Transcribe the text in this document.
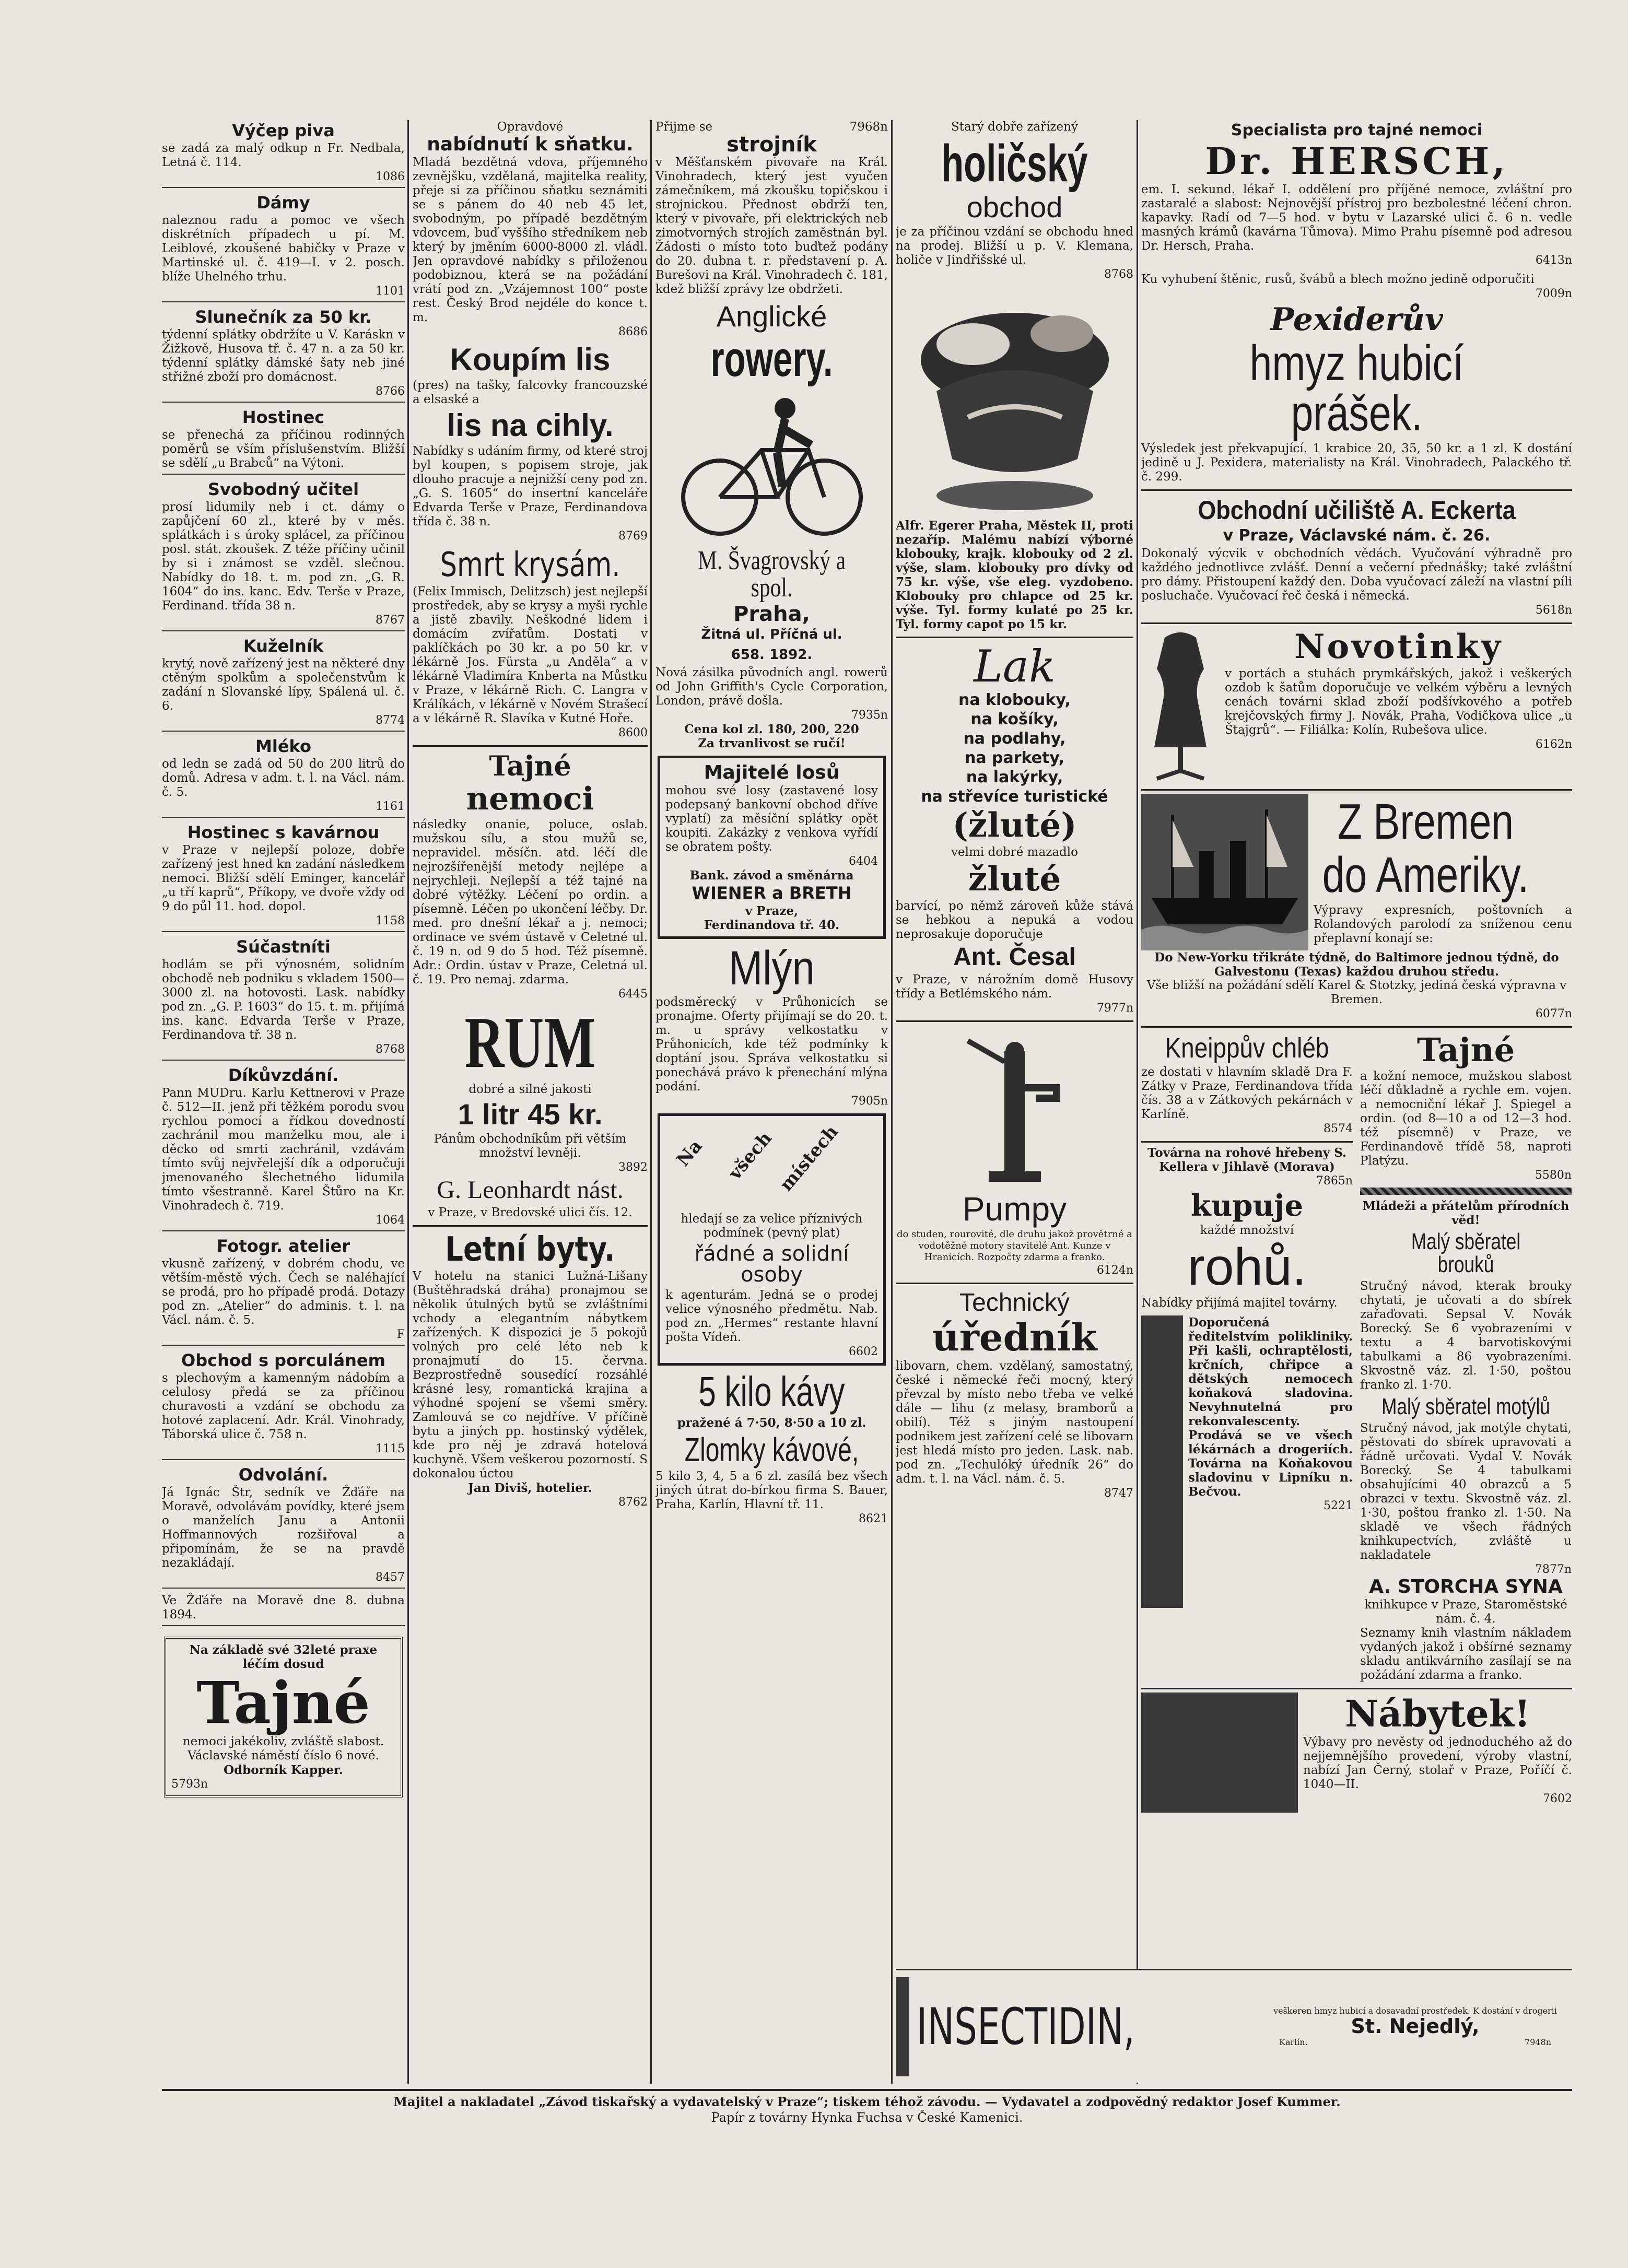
Výčep piva
se zadá za malý odkup n Fr. Nedbala, Letná č. 114.
1086
Dámy
naleznou radu a pomoc ve všech diskrétních případech u pí. M. Leiblové, zkoušené babičky v Praze v Martinské ul. č. 419—I. v 2. posch. blíže Uhelného trhu.
1101
Slunečník za 50 kr.
týdenní splátky obdržíte u V. Karáskn v Žižkově, Husova tř. č. 47 n. a za 50 kr. týdenní splátky dámské šaty neb jiné střižné zboží pro domácnost.
8766
Hostinec
se přenechá za příčinou rodinných poměrů se vším příslušenstvím. Bližší se sdělí „u Brabců“ na Výtoni.
Svobodný učitel
prosí lidumily neb i ct. dámy o zapůjčení 60 zl., které by v měs. splátkách i s úroky splácel, za příčinou posl. stát. zkoušek. Z téže příčiny učinil by si i známost se vzděl. slečnou. Nabídky do 18. t. m. pod zn. „G. R. 1604“ do ins. kanc. Edv. Terše v Praze, Ferdinand. třída 38 n.
8767
Kuželník
krytý, nově zařízený jest na některé dny ctěným spolkům a společenstvům k zadání n Slovanské lípy, Spálená ul. č. 6.
8774
Mléko
od ledn se zadá od 50 do 200 litrů do domů. Adresa v adm. t. l. na Václ. nám. č. 5.
1161
Hostinec s kavárnou
v Praze v nejlepší poloze, dobře zařízený jest hned kn zadání následkem nemoci. Bližší sdělí Eminger, kancelář „u tří kaprů“, Příkopy, ve dvoře vždy od 9 do půl 11. hod. dopol.
1158
Súčastníti
hodlám se při výnosném, solidním obchodě neb podniku s vkladem 1500—3000 zl. na hotovosti. Lask. nabídky pod zn. „G. P. 1603“ do 15. t. m. přijímá ins. kanc. Edvarda Terše v Praze, Ferdinandova tř. 38 n.
8768
Díkůvzdání.
Pann MUDru. Karlu Kettnerovi v Praze č. 512—II. jenž při těžkém porodu svou rychlou pomocí a řídkou dovedností zachránil mou manželku mou, ale i děcko od smrti zachránil, vzdávám tímto svůj nejvřelejší dík a odporučuji jmenovaného šlechetného lidumila tímto všestranně. Karel Štůro na Kr. Vinohradech č. 719.
1064
Fotogr. atelier
vkusně zařízený, v dobrém chodu, ve větším-městě vých. Čech se naléhající se prodá, pro ho případě prodá. Dotazy pod zn. „Atelier“ do adminis. t. l. na Václ. nám. č. 5.
F
Obchod s porculánem
s plechovým a kamenným nádobím a celulosy předá se za příčinou churavosti a vzdání se obchodu za hotové zaplacení. Adr. Král. Vinohrady, Táborská ulice č. 758 n.
1115
Odvolání.
Já Ignác Štr, sedník ve Žďáře na Moravě, odvolávám povídky, které jsem o manželích Janu a Antonii Hoffmannových rozšiřoval a připomínám, že se na pravdě nezakládají.
8457
Ve Žďáře na Moravě dne 8. dubna 1894.
Na základě své 32leté praxe léčím dosud
Tajné
nemoci jakékoliv, zvláště slabost. Václavské náměstí číslo 6 nové.
Odborník Kapper.
5793n
Opravdové
nabídnutí k sňatku.
Mladá bezdětná vdova, příjemného zevnějšku, vzdělaná, majitelka reality, přeje si za příčinou sňatku seznámiti se s pánem do 40 neb 45 let, svobodným, po případě bezdětným vdovcem, buď vyššího středníkem neb který by jměním 6000-8000 zl. vládl. Jen opravdové nabídky s přiloženou podobiznou, která se na požádání vrátí pod zn. „Vzájemnost 100“ poste rest. Český Brod nejdéle do konce t. m.
8686
Koupím lis
(pres) na tašky, falcovky francouzské a elsaské a
lis na cihly.
Nabídky s udáním firmy, od které stroj byl koupen, s popisem stroje, jak dlouho pracuje a nejnižší ceny pod zn. „G. S. 1605“ do insertní kanceláře Edvarda Terše v Praze, Ferdinandova třída č. 38 n.
8769
Smrt krysám.
(Felix Immisch, Delitzsch) jest nejlepší prostředek, aby se krysy a myši rychle a jistě zbavily. Neškodné lidem i domácím zvířatům. Dostati v paklíčkách po 30 kr. a po 50 kr. v lékárně Jos. Fürsta „u Anděla“ a v lékárně Vladimíra Knberta na Můstku v Praze, v lékárně Rich. C. Langra v Králíkách, v lékárně v Novém Strašecí a v lékárně R. Slavíka v Kutné Hoře.
8600
Tajné
nemoci
následky onanie, poluce, oslab. mužskou sílu, a stou mužů se, nepravidel. měsíčn. atd. léčí dle nejrozšířenější metody nejlépe a nejrychleji. Nejlepší a též tajné na dobré výtěžky. Léčení po ordin. a písemně. Léčen po ukončení léčby. Dr. med. pro dnešní lékař a j. nemoci; ordinace ve svém ústavě v Celetné ul. č. 19 n. od 9 do 5 hod. Též písemně. Adr.: Ordin. ústav v Praze, Celetná ul. č. 19. Pro nemaj. zdarma.
6445
RUM
dobré a silné jakosti
1 litr 45 kr.
Pánům obchodníkům při větším množství levněji.
3892
G. Leonhardt nást.
v Praze, v Bredovské ulici čís. 12.
Letní byty.
V hotelu na stanici Lužná-Lišany (Buštěhradská dráha) pronajmou se několik útulných bytů se zvláštními vchody a elegantním nábytkem zařízených. K dispozici je 5 pokojů volných pro celé léto neb k pronajmutí do 15. června. Bezprostředně sousedící rozsáhlé krásné lesy, romantická krajina a výhodné spojení se všemi směry. Zamlouvá se co nejdříve. V příčině bytu a jiných pp. hostinský výdělek, kde pro něj je zdravá hotelová kuchyně. Všem veškerou pozorností. S dokonalou úctou
Jan Diviš, hotelier.
8762
Přijme se	7968n
strojník
v Měšťanském pivovaře na Král. Vinohradech, který jest vyučen zámečníkem, má zkoušku topičskou i strojnickou. Přednost obdrží ten, který v pivovaře, při elektrických neb zimotvorných strojích zaměstnán byl. Žádosti o místo toto buďtež podány do 20. dubna t. r. představení p. A. Burešovi na Král. Vinohradech č. 181, kdež bližší zprávy lze obdržeti.
Anglické
rowery.
M. Švagrovský a spol.
Praha,
Žitná ul. Příčná ul.
658. 1892.
Nová zásilka původních angl. rowerů od John Griffith's Cycle Corporation, London, právě došla.
7935n
Cena kol zl. 180, 200, 220
Za trvanlivost se ručí!
Majitelé losů
mohou své losy (zastavené losy podepsaný bankovní obchod dříve vyplatí) za měsíční splátky opět koupiti. Zakázky z venkova vyřídí se obratem pošty.
6404
Bank. závod a směnárna
WIENER a BRETH
v Praze,
Ferdinandova tř. 40.
Mlýn
podsměrecký v Průhonicích se pronajme. Oferty přijímají se do 20. t. m. u správy velkostatku v Průhonicích, kde též podmínky k doptání jsou. Správa velkostatku si ponechává právo k přenechání mlýna podání.
7905n
Na všech místech
hledají se za velice příznivých podmínek (pevný plat)
řádné a solidní osoby
k agenturám. Jedná se o prodej velice výnosného předmětu. Nab. pod zn. „Hermes“ restante hlavní pošta Vídeň.
6602
5 kilo kávy
pražené á 7·50, 8·50 a 10 zl.
Zlomky kávové,
5 kilo 3, 4, 5 a 6 zl. zasílá bez všech jiných útrat do-bírkou firma S. Bauer, Praha, Karlín, Hlavní tř. 11.
8621
Starý dobře zařízený
holičský
obchod
je za příčinou vzdání se obchodu hned na prodej. Bližší u p. V. Klemana, holiče v Jindřišské ul.
8768
Alfr. Egerer Praha, Městek II, proti nezaříp. Malému nabízí výborné klobouky, krajk. klobouky od 2 zl. výše, slam. klobouky pro dívky od 75 kr. výše, vše eleg. vyzdobeno. Klobouky pro chlapce od 25 kr. výše. Tyl. formy kulaté po 25 kr. Tyl. formy capot po 15 kr.
Lak
na klobouky,
na košíky,
na podlahy,
na parkety,
na lakýrky,
na střevíce turistické
(žluté)
velmi dobré mazadlo
žluté
barvící, po němž zároveň kůže stává se hebkou a nepuká a vodou neprosakuje doporučuje
Ant. Česal
v Praze, v nárožním domě Husovy třídy a Betlémského nám.
7977n
Pumpy
do studen, rourovité, dle druhu jakož provětrné a vodotěžné motory stavitelé Ant. Kunze v Hranicích. Rozpočty zdarma a franko.
6124n
Technický
úředník
libovarn, chem. vzdělaný, samostatný, české i německé řeči mocný, který převzal by místo nebo třeba ve velké dále — lihu (z melasy, bramborů a obilí). Též s jiným nastoupení podnikem jest zařízení celé se libovarn jest hledá místo pro jeden. Lask. nab. pod zn. „Techulóký úředník 26“ do adm. t. l. na Václ. nám. č. 5.
8747
Specialista pro tajné nemoci
Dr. HERSCH,
em. I. sekund. lékař I. oddělení pro příjěné nemoce, zvláštní pro zastaralé a slabost: Nejnovější přístroj pro bezbolestné léčení chron. kapavky. Radí od 7—5 hod. v bytu v Lazarské ulici č. 6 n. vedle masných krámů (kavárna Tůmova). Mimo Prahu písemně pod adresou Dr. Hersch, Praha.
6413n
Ku vyhubení štěnic, rusů, švábů a blech možno jedině odporučiti
7009n
Pexiderův
hmyz hubicí prášek.
Výsledek jest překvapující. 1 krabice 20, 35, 50 kr. a 1 zl. K dostání jedině u J. Pexidera, materialisty na Král. Vinohradech, Palackého tř. č. 299.
Obchodní učiliště A. Eckerta
v Praze, Václavské nám. č. 26.
Dokonalý výcvik v obchodních vědách. Vyučování výhradně pro každého jednotlivce zvlášť. Denní a večerní přednášky; také zvláštní pro dámy. Přistoupení každý den. Doba vyučovací záleží na vlastní píli posluchače. Vyučovací řeč česká i německá.
5618n
Novotinky
v portách a stuhách prymkářských, jakož i veškerých ozdob k šatům doporučuje ve velkém výběru a levných cenách továrni sklad zboží podšívkového a potřeb krejčovských firmy J. Novák, Praha, Vodičkova ulice „u Štajgrů“. — Filiálka: Kolín, Rubešova ulice.
6162n
Z Bremen
do Ameriky.
Výpravy expresních, poštovních a Rolandových parolodí za sníženou cenu přeplavní konají se:
Do New-Yorku třikráte týdně, do Baltimore jednou týdně, do Galvestonu (Texas) každou druhou středu.
Vše bližší na požádání sdělí Karel & Stotzky, jediná česká výpravna v Bremen.
6077n
Kneippův chléb
ze dostati v hlavním skladě Dra F. Zátky v Praze, Ferdinandova třída čís. 38 a v Zátkových pekárnách v Karlíně.
8574
Továrna na rohové hřebeny S. Kellera v Jihlavě (Morava)
7865n
kupuje
každé množství
rohů.
Nabídky přijímá majitel továrny.
Doporučená ředitelstvím polikliniky. Při kašli, ochraptělosti, krčních, chřipce a dětských nemocech koňaková sladovina. Nevyhnutelná pro rekonvalescenty. Prodává se ve všech lékárnách a drogeriích. Továrna na Koňakovou sladovinu v Lipníku n. Bečvou.
5221
Tajné
a kožní nemoce, mužskou slabost léčí důkladně a rychle em. vojen. a nemocniční lékař J. Spiegel a ordin. (od 8—10 a od 12—3 hod. též písemně) v Praze, ve Ferdinandově třídě 58, naproti Platýzu.
5580n
Mládeži a přátelům přírodních věd!
Malý sběratel brouků
Stručný návod, kterak brouky chytati, je učovati a do sbírek zařaďovati. Sepsal V. Novák Borecký. Se 6 vyobrazeními v textu a 4 barvotiskovými tabulkami a 86 vyobrazeními. Skvostně váz. zl. 1·50, poštou franko zl. 1·70.
Malý sběratel motýlů
Stručný návod, jak motýle chytati, pěstovati do sbírek upravovati a řádně určovati. Vydal V. Novák Borecký. Se 4 tabulkami obsahujícími 40 obrazců a 5 obrazci v textu. Skvostně váz. zl. 1·30, poštou franko zl. 1·50. Na skladě ve všech řádných knihkupectvích, zvláště u nakladatele
7877n
A. STORCHA SYNA
knihkupce v Praze, Staroměstské nám. č. 4.
Seznamy knih vlastním nákladem vydaných jakož i obšírné seznamy skladu antikvárního zasílají se na požádání zdarma a franko.
Nábytek!
Výbavy pro nevěsty od jednoduchého až do nejjemnějšího provedení, výroby vlastní, nabízí Jan Černý, stolař v Praze, Poříčí č. 1040—II.
7602
INSECTIDIN,	veškeren hmyz hubicí a dosavadní prostředek. K dostání v drogerii
St. Nejedlý,
Karlín.	7948n
Majitel a nakladatel „Závod tiskařský a vydavatelský v Praze“; tiskem téhož závodu. — Vydavatel a zodpovědný redaktor Josef Kummer.
Papír z továrny Hynka Fuchsa v České Kamenici.
